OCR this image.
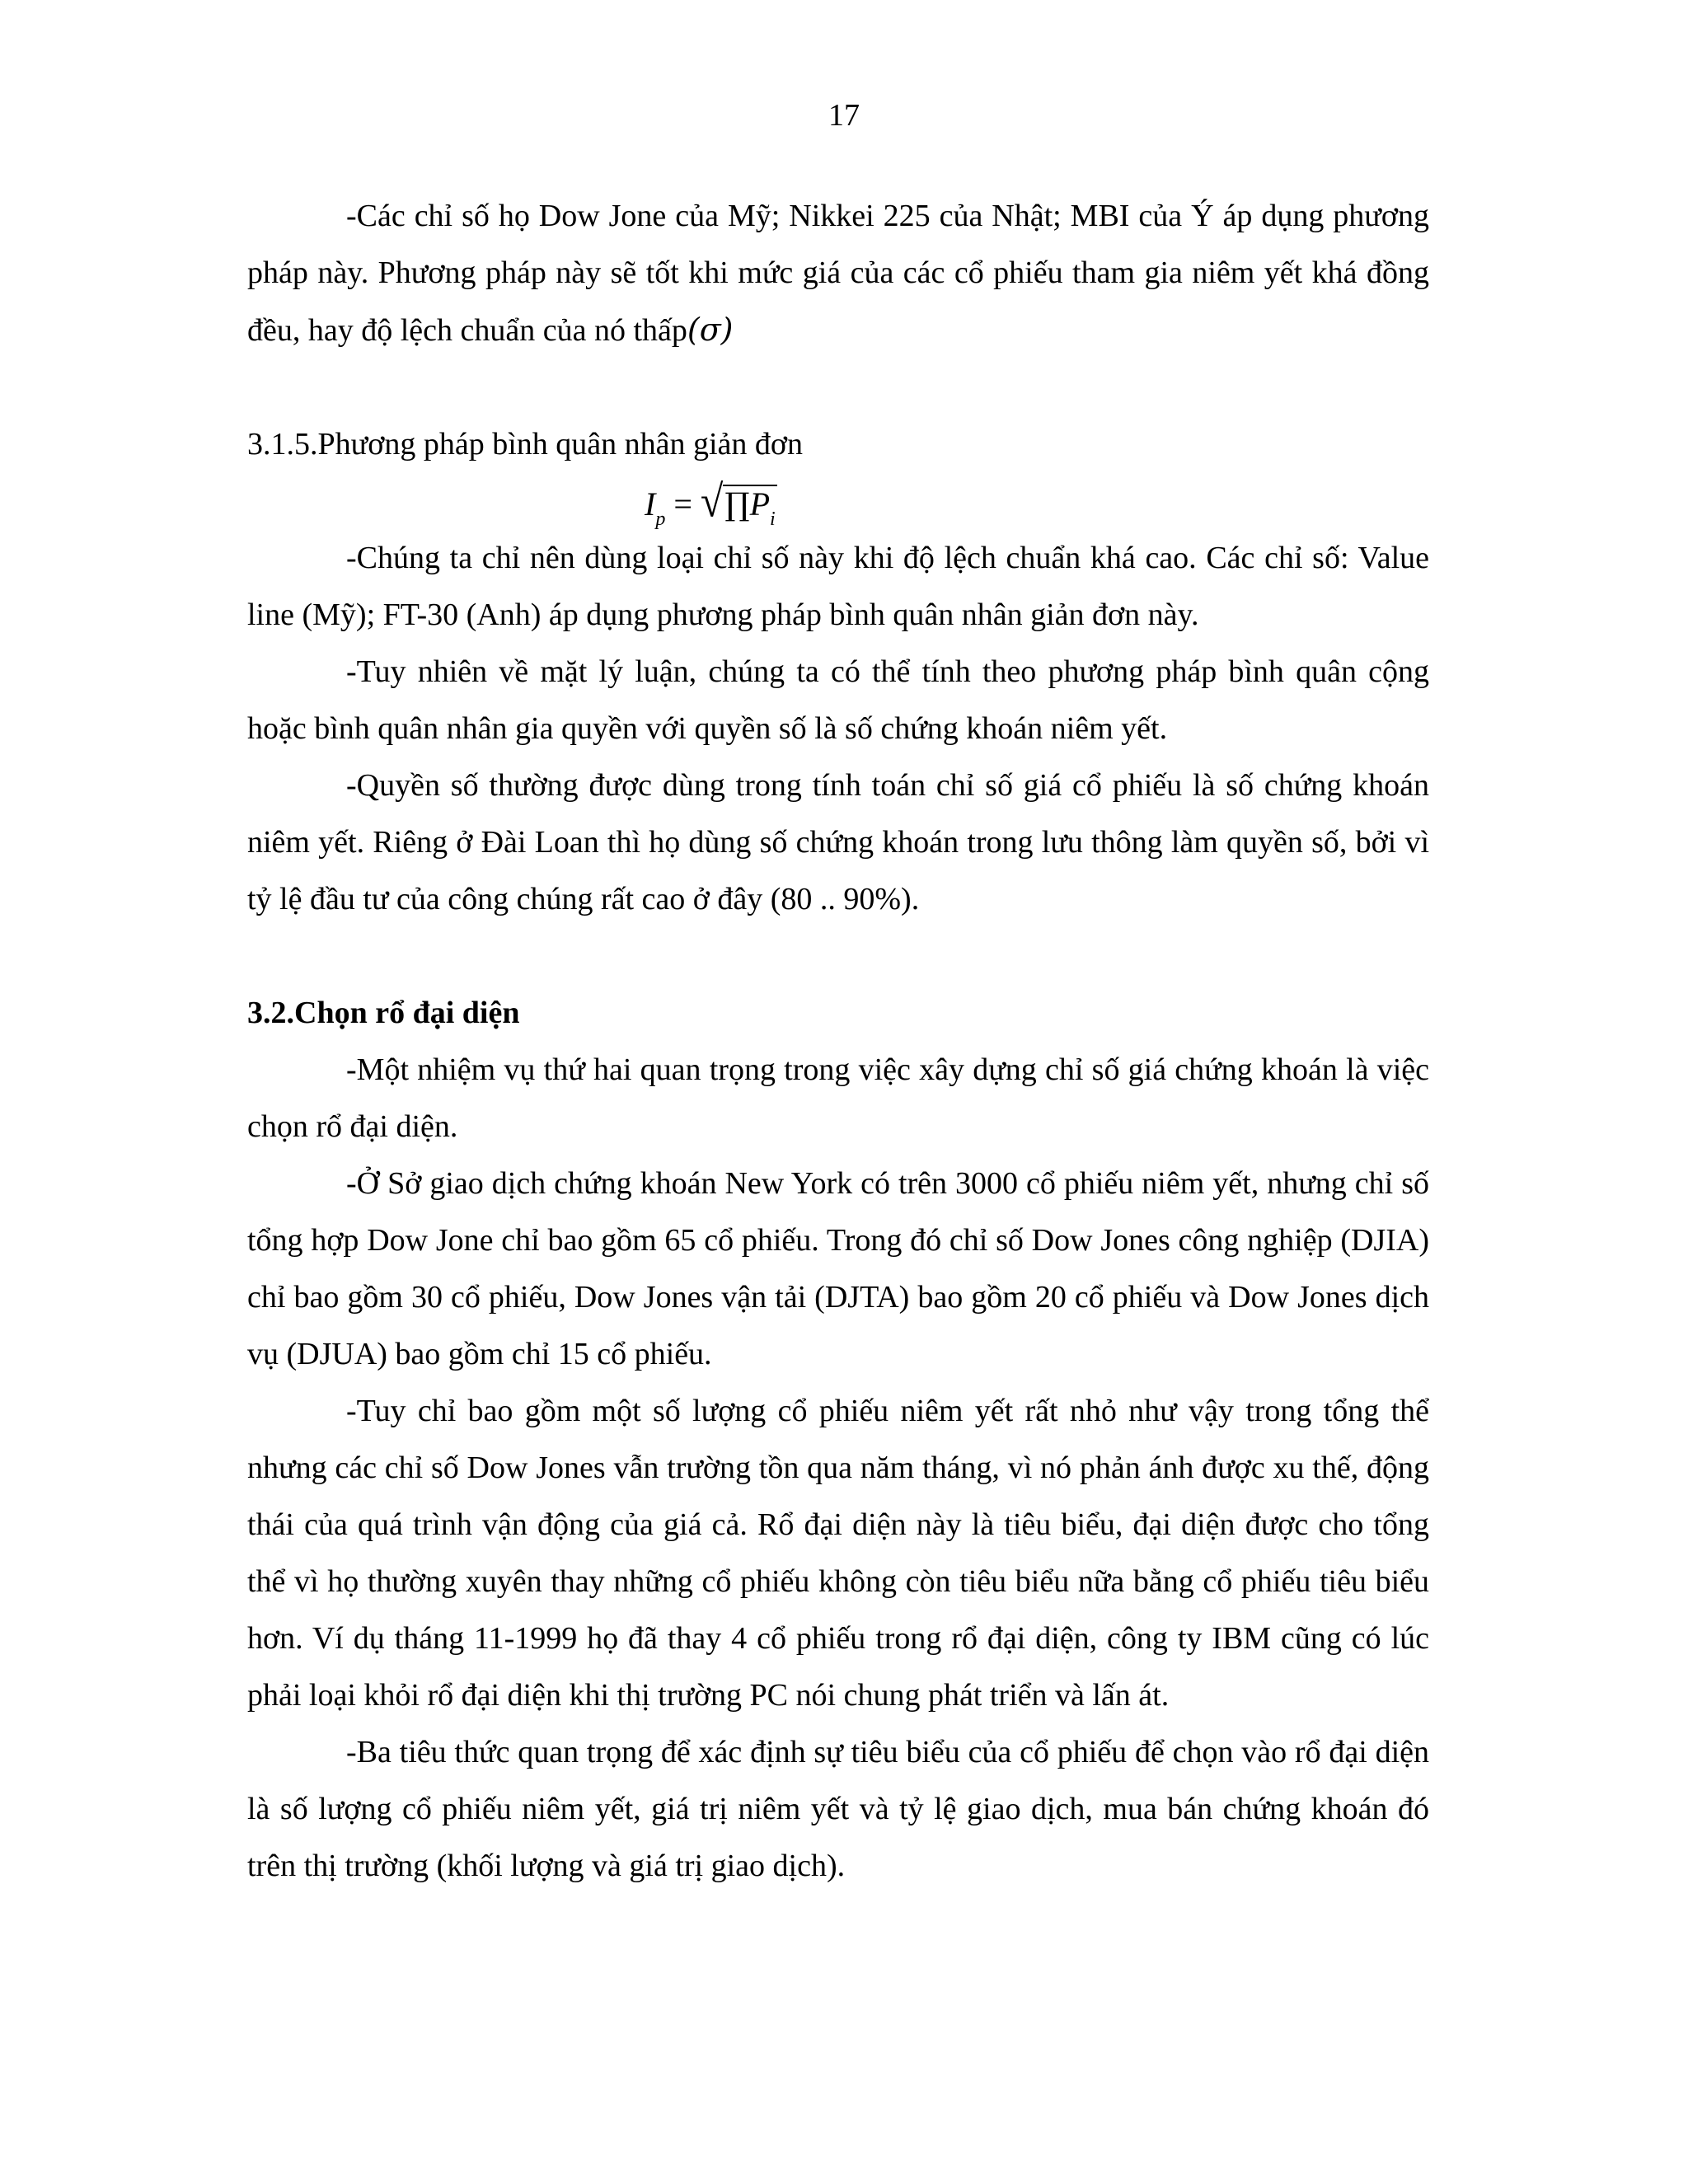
17

-Các chỉ số họ Dow Jone của Mỹ; Nikkei 225 của Nhật; MBI của Ý áp dụng phương pháp này. Phương pháp này sẽ tốt khi mức giá của các cổ phiếu tham gia niêm yết khá đồng đều, hay độ lệch chuẩn của nó thấp(σ)

3.1.5.Phương pháp bình quân nhân giản đơn

$I_p$ = $√\prod P_i$

-Chúng ta chỉ nên dùng loại chỉ số này khi độ lệch chuẩn khá cao. Các chỉ số: Value line (Mỹ); FT-30 (Anh) áp dụng phương pháp bình quân nhân giản đơn này.

-Tuy nhiên về mặt lý luận, chúng ta có thể tính theo phương pháp bình quân cộng hoặc bình quân nhân gia quyền với quyền số là số chứng khoán niêm yết.

-Quyền số thường được dùng trong tính toán chỉ số giá cổ phiếu là số chứng khoán niêm yết. Riêng ở Đài Loan thì họ dùng số chứng khoán trong lưu thông làm quyền số, bởi vì tỷ lệ đầu tư của công chúng rất cao ở đây (80 .. 90%).

3.2.Chọn rổ đại diện

-Một nhiệm vụ thứ hai quan trọng trong việc xây dựng chỉ số giá chứng khoán là việc chọn rổ đại diện.

-Ở Sở giao dịch chứng khoán New York có trên 3000 cổ phiếu niêm yết, nhưng chỉ số tổng hợp Dow Jone chỉ bao gồm 65 cổ phiếu. Trong đó chỉ số Dow Jones công nghiệp (DJIA) chỉ bao gồm 30 cổ phiếu, Dow Jones vận tải (DJTA) bao gồm 20 cổ phiếu và Dow Jones dịch vụ (DJUA) bao gồm chỉ 15 cổ phiếu.

-Tuy chỉ bao gồm một số lượng cổ phiếu niêm yết rất nhỏ như vậy trong tổng thể nhưng các chỉ số Dow Jones vẫn trường tồn qua năm tháng, vì nó phản ánh được xu thế, động thái của quá trình vận động của giá cả. Rổ đại diện này là tiêu biểu, đại diện được cho tổng thể vì họ thường xuyên thay những cổ phiếu không còn tiêu biểu nữa bằng cổ phiếu tiêu biểu hơn. Ví dụ tháng 11-1999 họ đã thay 4 cổ phiếu trong rổ đại diện, công ty IBM cũng có lúc phải loại khỏi rổ đại diện khi thị trường PC nói chung phát triển và lấn át.

-Ba tiêu thức quan trọng để xác định sự tiêu biểu của cổ phiếu để chọn vào rổ đại diện là số lượng cổ phiếu niêm yết, giá trị niêm yết và tỷ lệ giao dịch, mua bán chứng khoán đó trên thị trường (khối lượng và giá trị giao dịch).
